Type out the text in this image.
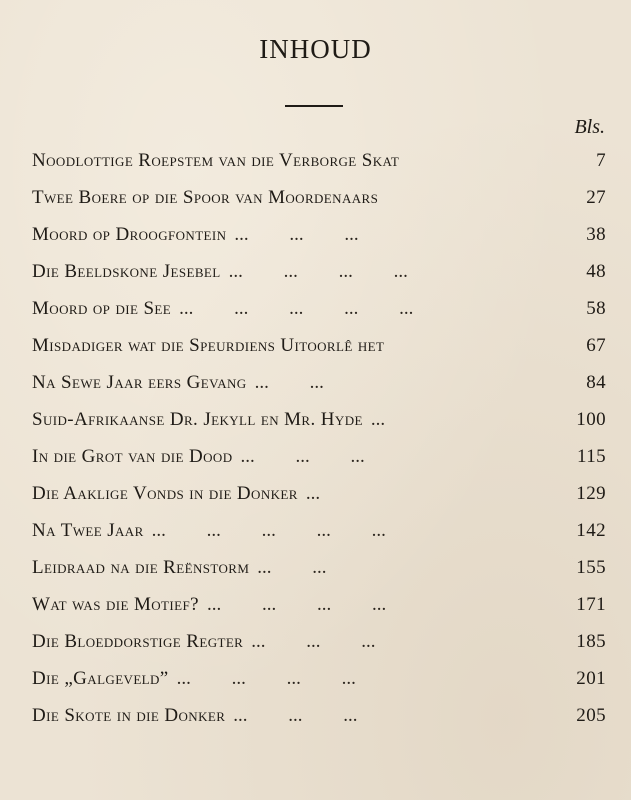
INHOUD
Bls.
Noodlottige Roepstem van die Verborge Skat	7
Twee Boere op die Spoor van Moordenaars	27
Moord op Droogfontein ... ... ...	38
Die Beeldskone Jesebel ... ... ... ...	48
Moord op die See ... ... ... ... ...	58
Misdadiger wat die Speurdiens Uitoorlê het	67
Na Sewe Jaar eers Gevang ... ...	84
Suid-Afrikaanse Dr. Jekyll en Mr. Hyde ...	100
In die Grot van die Dood ... ... ...	115
Die Aaklige Vonds in die Donker ...	129
Na Twee Jaar ... ... ... ... ...	142
Leidraad na die Reënstorm ... ...	155
Wat was die Motief? ... ... ... ...	171
Die Bloeddorstige Regter ... ... ...	185
Die „Galgeveld” ... ... ... ...	201
Die Skote in die Donker ... ... ...	205
